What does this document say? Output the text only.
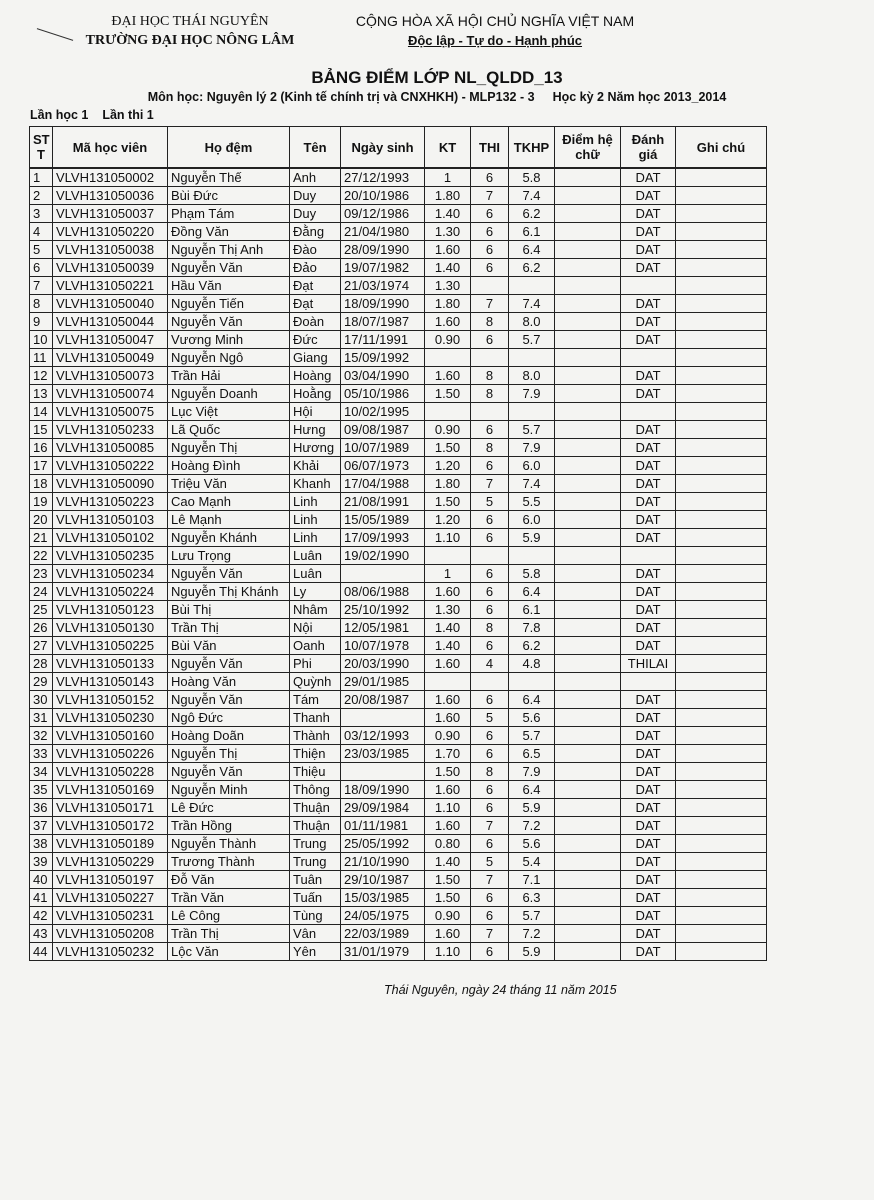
ĐẠI HỌC THÁI NGUYÊN
TRƯỜNG ĐẠI HỌC NÔNG LÂM
CỘNG HÒA XÃ HỘI CHỦ NGHĨA VIỆT NAM
Độc lập - Tự do - Hạnh phúc
BẢNG ĐIỂM LỚP NL_QLDD_13
Môn học: Nguyên lý 2 (Kinh tế chính trị và CNXHKH) - MLP132 - 3 Học kỳ 2 Năm học 2013_2014
Lần học 1 Lần thi 1
ST T	Mã học viên	Họ đệm	Tên	Ngày sinh	KT	THI	TKHP	Điểm hệ chữ	Đánh giá	Ghi chú
1	VLVH131050002	Nguyễn Thế	Anh	27/12/1993	1	6	5.8		DAT	
2	VLVH131050036	Bùi Đức	Duy	20/10/1986	1.80	7	7.4		DAT	
3	VLVH131050037	Phạm Tám	Duy	09/12/1986	1.40	6	6.2		DAT	
4	VLVH131050220	Đồng Văn	Đằng	21/04/1980	1.30	6	6.1		DAT	
5	VLVH131050038	Nguyễn Thị Anh	Đào	28/09/1990	1.60	6	6.4		DAT	
6	VLVH131050039	Nguyễn Văn	Đảo	19/07/1982	1.40	6	6.2		DAT	
7	VLVH131050221	Hầu Văn	Đạt	21/03/1974	1.30					
8	VLVH131050040	Nguyễn Tiến	Đạt	18/09/1990	1.80	7	7.4		DAT	
9	VLVH131050044	Nguyễn Văn	Đoàn	18/07/1987	1.60	8	8.0		DAT	
10	VLVH131050047	Vương Minh	Đức	17/11/1991	0.90	6	5.7		DAT	
11	VLVH131050049	Nguyễn Ngô	Giang	15/09/1992						
12	VLVH131050073	Trần Hải	Hoàng	03/04/1990	1.60	8	8.0		DAT	
13	VLVH131050074	Nguyễn Doanh	Hoằng	05/10/1986	1.50	8	7.9		DAT	
14	VLVH131050075	Lục Việt	Hội	10/02/1995						
15	VLVH131050233	Lã Quốc	Hưng	09/08/1987	0.90	6	5.7		DAT	
16	VLVH131050085	Nguyễn Thị	Hương	10/07/1989	1.50	8	7.9		DAT	
17	VLVH131050222	Hoàng Đình	Khải	06/07/1973	1.20	6	6.0		DAT	
18	VLVH131050090	Triệu Văn	Khanh	17/04/1988	1.80	7	7.4		DAT	
19	VLVH131050223	Cao Mạnh	Linh	21/08/1991	1.50	5	5.5		DAT	
20	VLVH131050103	Lê Mạnh	Linh	15/05/1989	1.20	6	6.0		DAT	
21	VLVH131050102	Nguyễn Khánh	Linh	17/09/1993	1.10	6	5.9		DAT	
22	VLVH131050235	Lưu Trọng	Luân	19/02/1990						
23	VLVH131050234	Nguyễn Văn	Luân		1	6	5.8		DAT	
24	VLVH131050224	Nguyễn Thị Khánh	Ly	08/06/1988	1.60	6	6.4		DAT	
25	VLVH131050123	Bùi Thị	Nhâm	25/10/1992	1.30	6	6.1		DAT	
26	VLVH131050130	Trần Thị	Nội	12/05/1981	1.40	8	7.8		DAT	
27	VLVH131050225	Bùi Văn	Oanh	10/07/1978	1.40	6	6.2		DAT	
28	VLVH131050133	Nguyễn Văn	Phi	20/03/1990	1.60	4	4.8		THILAI	
29	VLVH131050143	Hoàng Văn	Quỳnh	29/01/1985						
30	VLVH131050152	Nguyễn Văn	Tám	20/08/1987	1.60	6	6.4		DAT	
31	VLVH131050230	Ngô Đức	Thanh		1.60	5	5.6		DAT	
32	VLVH131050160	Hoàng Doãn	Thành	03/12/1993	0.90	6	5.7		DAT	
33	VLVH131050226	Nguyễn Thị	Thiện	23/03/1985	1.70	6	6.5		DAT	
34	VLVH131050228	Nguyễn Văn	Thiệu		1.50	8	7.9		DAT	
35	VLVH131050169	Nguyễn Minh	Thông	18/09/1990	1.60	6	6.4		DAT	
36	VLVH131050171	Lê Đức	Thuận	29/09/1984	1.10	6	5.9		DAT	
37	VLVH131050172	Trần Hồng	Thuận	01/11/1981	1.60	7	7.2		DAT	
38	VLVH131050189	Nguyễn Thành	Trung	25/05/1992	0.80	6	5.6		DAT	
39	VLVH131050229	Trương Thành	Trung	21/10/1990	1.40	5	5.4		DAT	
40	VLVH131050197	Đỗ Văn	Tuân	29/10/1987	1.50	7	7.1		DAT	
41	VLVH131050227	Trần Văn	Tuấn	15/03/1985	1.50	6	6.3		DAT	
42	VLVH131050231	Lê Công	Tùng	24/05/1975	0.90	6	5.7		DAT	
43	VLVH131050208	Trần Thị	Vân	22/03/1989	1.60	7	7.2		DAT	
44	VLVH131050232	Lộc Văn	Yên	31/01/1979	1.10	6	5.9		DAT	
Thái Nguyên, ngày 24 tháng 11 năm 2015
